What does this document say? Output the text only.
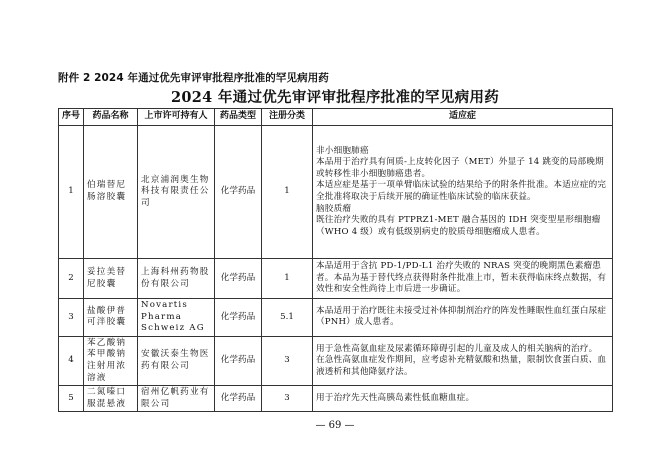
附件 2 2024 年通过优先审评审批程序批准的罕见病用药
2024 年通过优先审评审批程序批准的罕见病用药
序号	药品名称	上市许可持有人	药品类型	注册分类	适应症
1	伯瑞替尼肠溶胶囊	北京浦润奥生物科技有限责任公司	化学药品	1	非小细胞肺癌
本品用于治疗具有间质-上皮转化因子（MET）外显子 14 跳变的局部晚期或转移性非小细胞肺癌患者。
本适应症是基于一项单臂临床试验的结果给予的附条件批准。本适应症的完全批准将取决于后续开展的确证性临床试验的临床获益。
脑胶质瘤
既往治疗失败的具有 PTPRZ1-MET 融合基因的 IDH 突变型星形细胞瘤（WHO 4 级）或有低级别病史的胶质母细胞瘤成人患者。

2	妥拉美替尼胶囊	上海科州药物股份有限公司	化学药品	1	本品适用于含抗 PD-1/PD-L1 治疗失败的 NRAS 突变的晚期黑色素瘤患者。本品为基于替代终点获得附条件批准上市，暂未获得临床终点数据，有效性和安全性尚待上市后进一步确证。

3	盐酸伊普可泮胶囊	Novartis Pharma Schweiz AG	化学药品	5.1	本品适用于治疗既往未接受过补体抑制剂治疗的阵发性睡眠性血红蛋白尿症（PNH）成人患者。

4	苯乙酸钠苯甲酸钠注射用浓溶液	安徽沃泰生物医药有限公司	化学药品	3	用于急性高氨血症及尿素循环障碍引起的儿童及成人的相关脑病的治疗。
在急性高氨血症发作期间，应考虑补充精氨酸和热量，限制饮食蛋白质、血液透析和其他降氨疗法。

5	二氮嗪口服混悬液	宿州亿帆药业有限公司	化学药品	3	用于治疗先天性高胰岛素性低血糖血症。
— 69 —
